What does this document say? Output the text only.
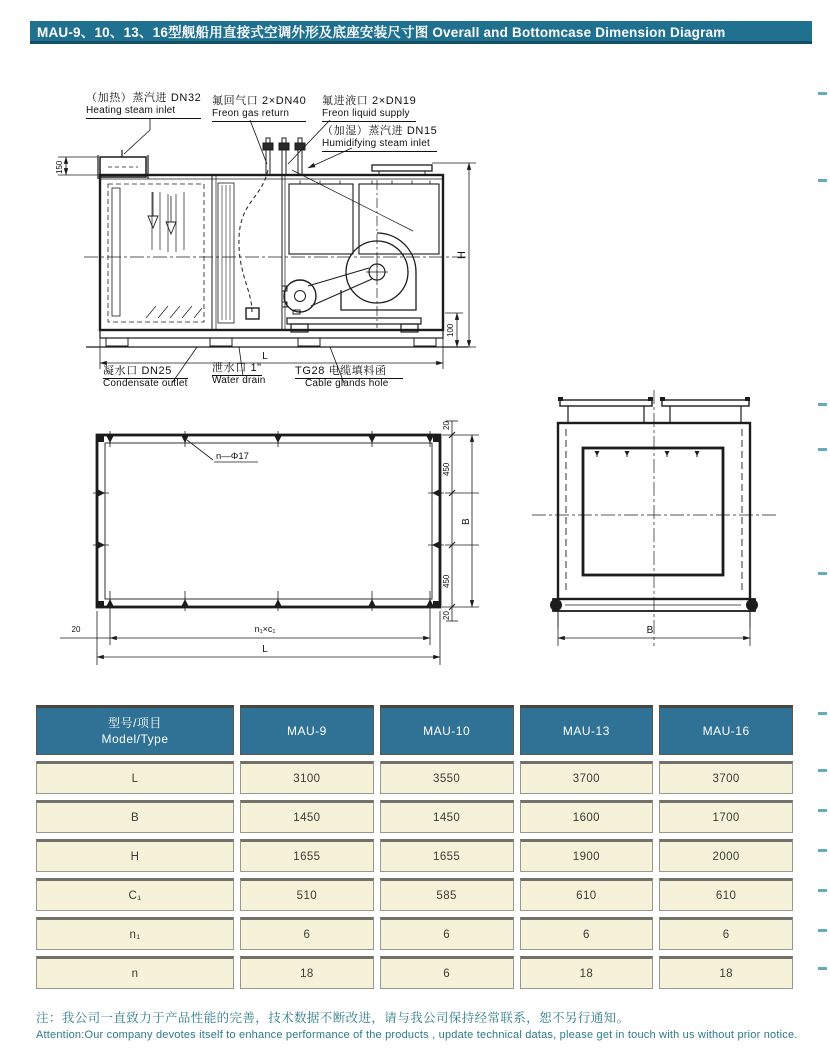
MAU-9、10、13、16型舰船用直接式空调外形及底座安装尺寸图 Overall and Bottomcase Dimension Diagram
150
H
100
L
n—Φ17
20
450
450
20
B
20	n₁×c₁
L
B
（加热）蒸汽进 DN32
Heating steam inlet
氟回气口 2×DN40
Freon gas return
氟进液口 2×DN19
Freon liquid supply
（加湿）蒸汽进 DN15
Humidifying steam inlet
凝水口 DN25
Condensate outlet
泄水口 1"
Water drain
TG28 电缆填料函
Cable glands hole
型号/项目
Model/Type
MAU-9	MAU-10	MAU-13	MAU-16
L	3100	3550	3700	3700
B	1450	1450	1600	1700
H	1655	1655	1900	2000
C₁	510	585	610	610
n₁	6	6	6	6
n	18	6	18	18
注：我公司一直致力于产品性能的完善，技术数据不断改进，请与我公司保持经常联系，恕不另行通知。
Attention:Our company devotes itself to enhance performance of the products , update technical datas, please get in touch with us without prior notice.
